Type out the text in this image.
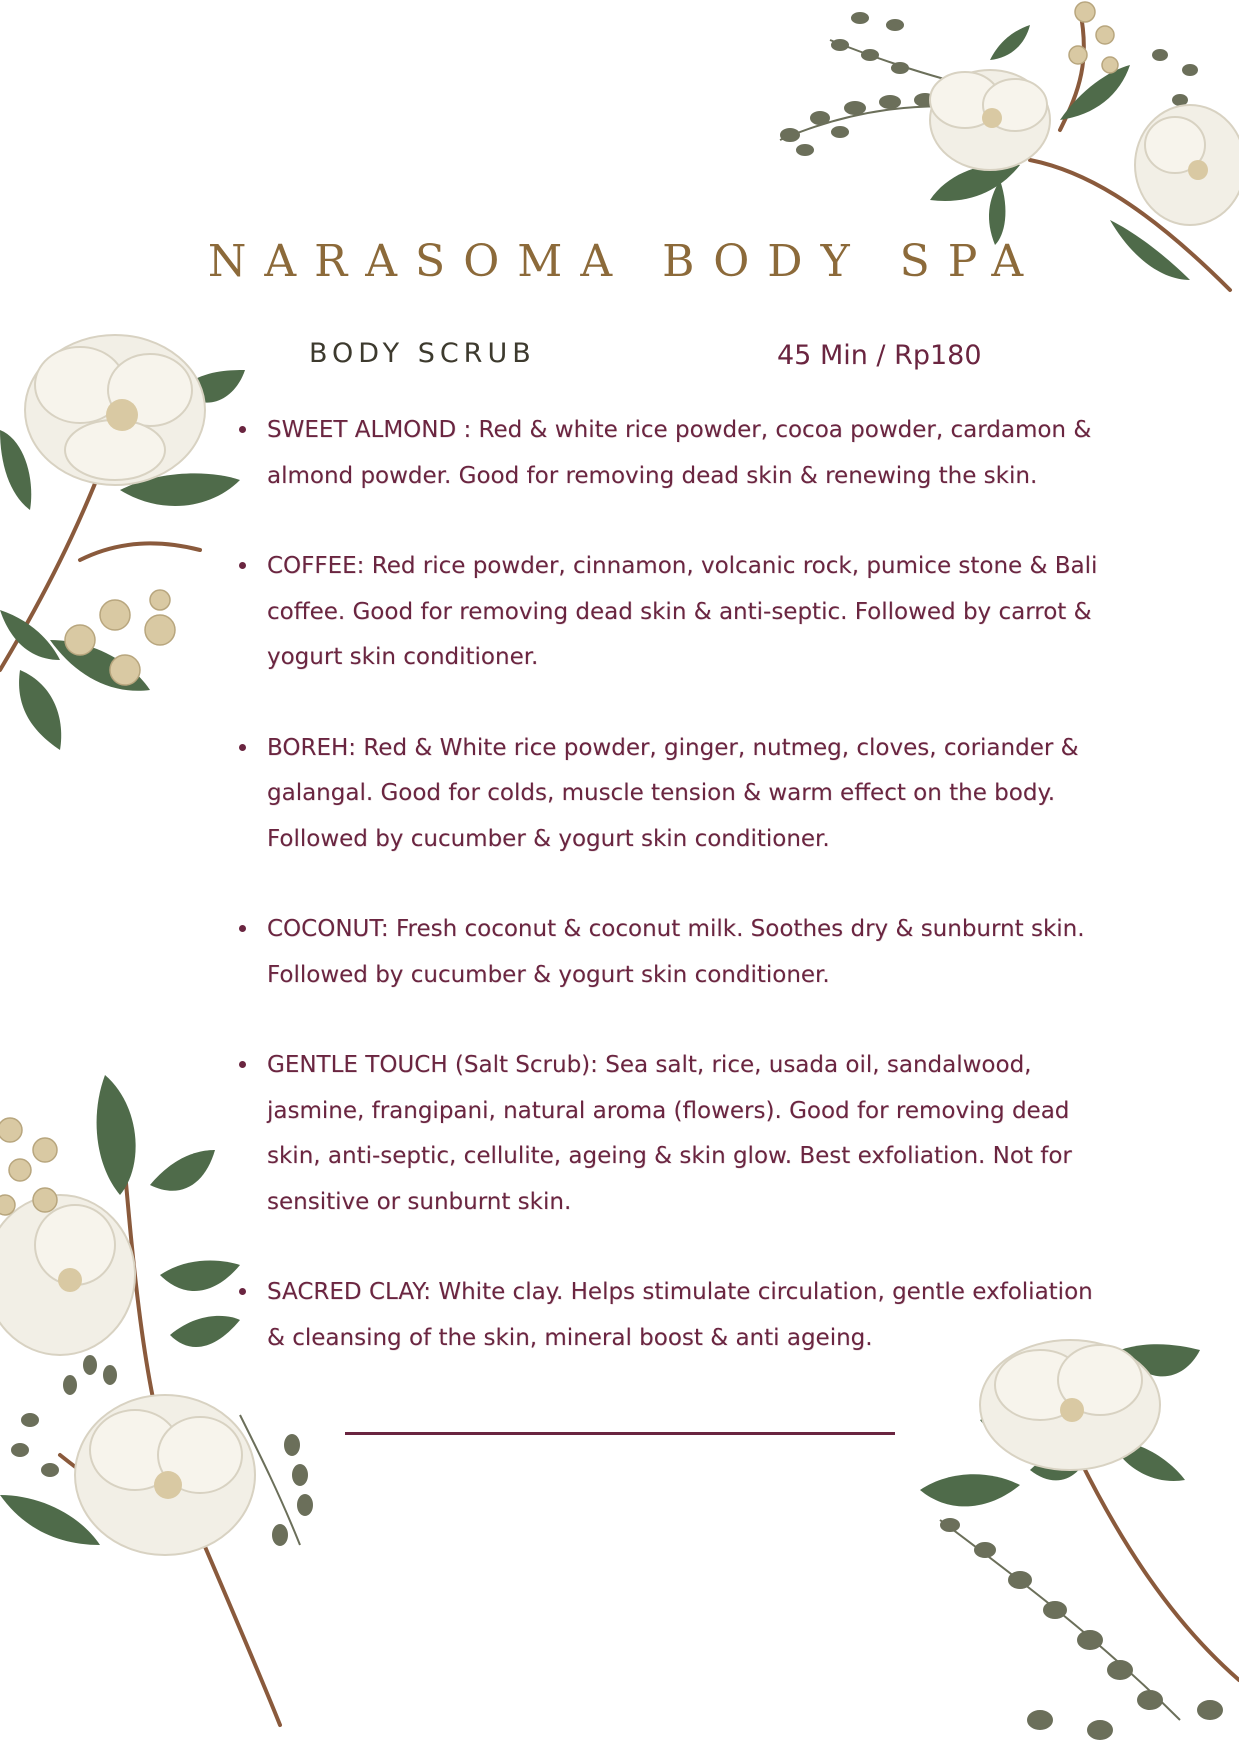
NARASOMA BODY SPA
BODY SCRUB	45 Min / Rp180
SWEET ALMOND : Red & white rice powder, cocoa powder, cardamon & almond powder. Good for removing dead skin & renewing the skin.
COFFEE: Red rice powder, cinnamon, volcanic rock, pumice stone & Bali coffee. Good for removing dead skin & anti-septic. Followed by carrot & yogurt skin conditioner.
BOREH: Red & White rice powder, ginger, nutmeg, cloves, coriander & galangal. Good for colds, muscle tension & warm effect on the body. Followed by cucumber & yogurt skin conditioner.
COCONUT: Fresh coconut & coconut milk. Soothes dry & sunburnt skin. Followed by cucumber & yogurt skin conditioner.
GENTLE TOUCH (Salt Scrub): Sea salt, rice, usada oil, sandalwood, jasmine, frangipani, natural aroma (flowers). Good for removing dead skin, anti-septic, cellulite, ageing & skin glow. Best exfoliation. Not for sensitive or sunburnt skin.
SACRED CLAY: White clay. Helps stimulate circulation, gentle exfoliation & cleansing of the skin, mineral boost & anti ageing.
